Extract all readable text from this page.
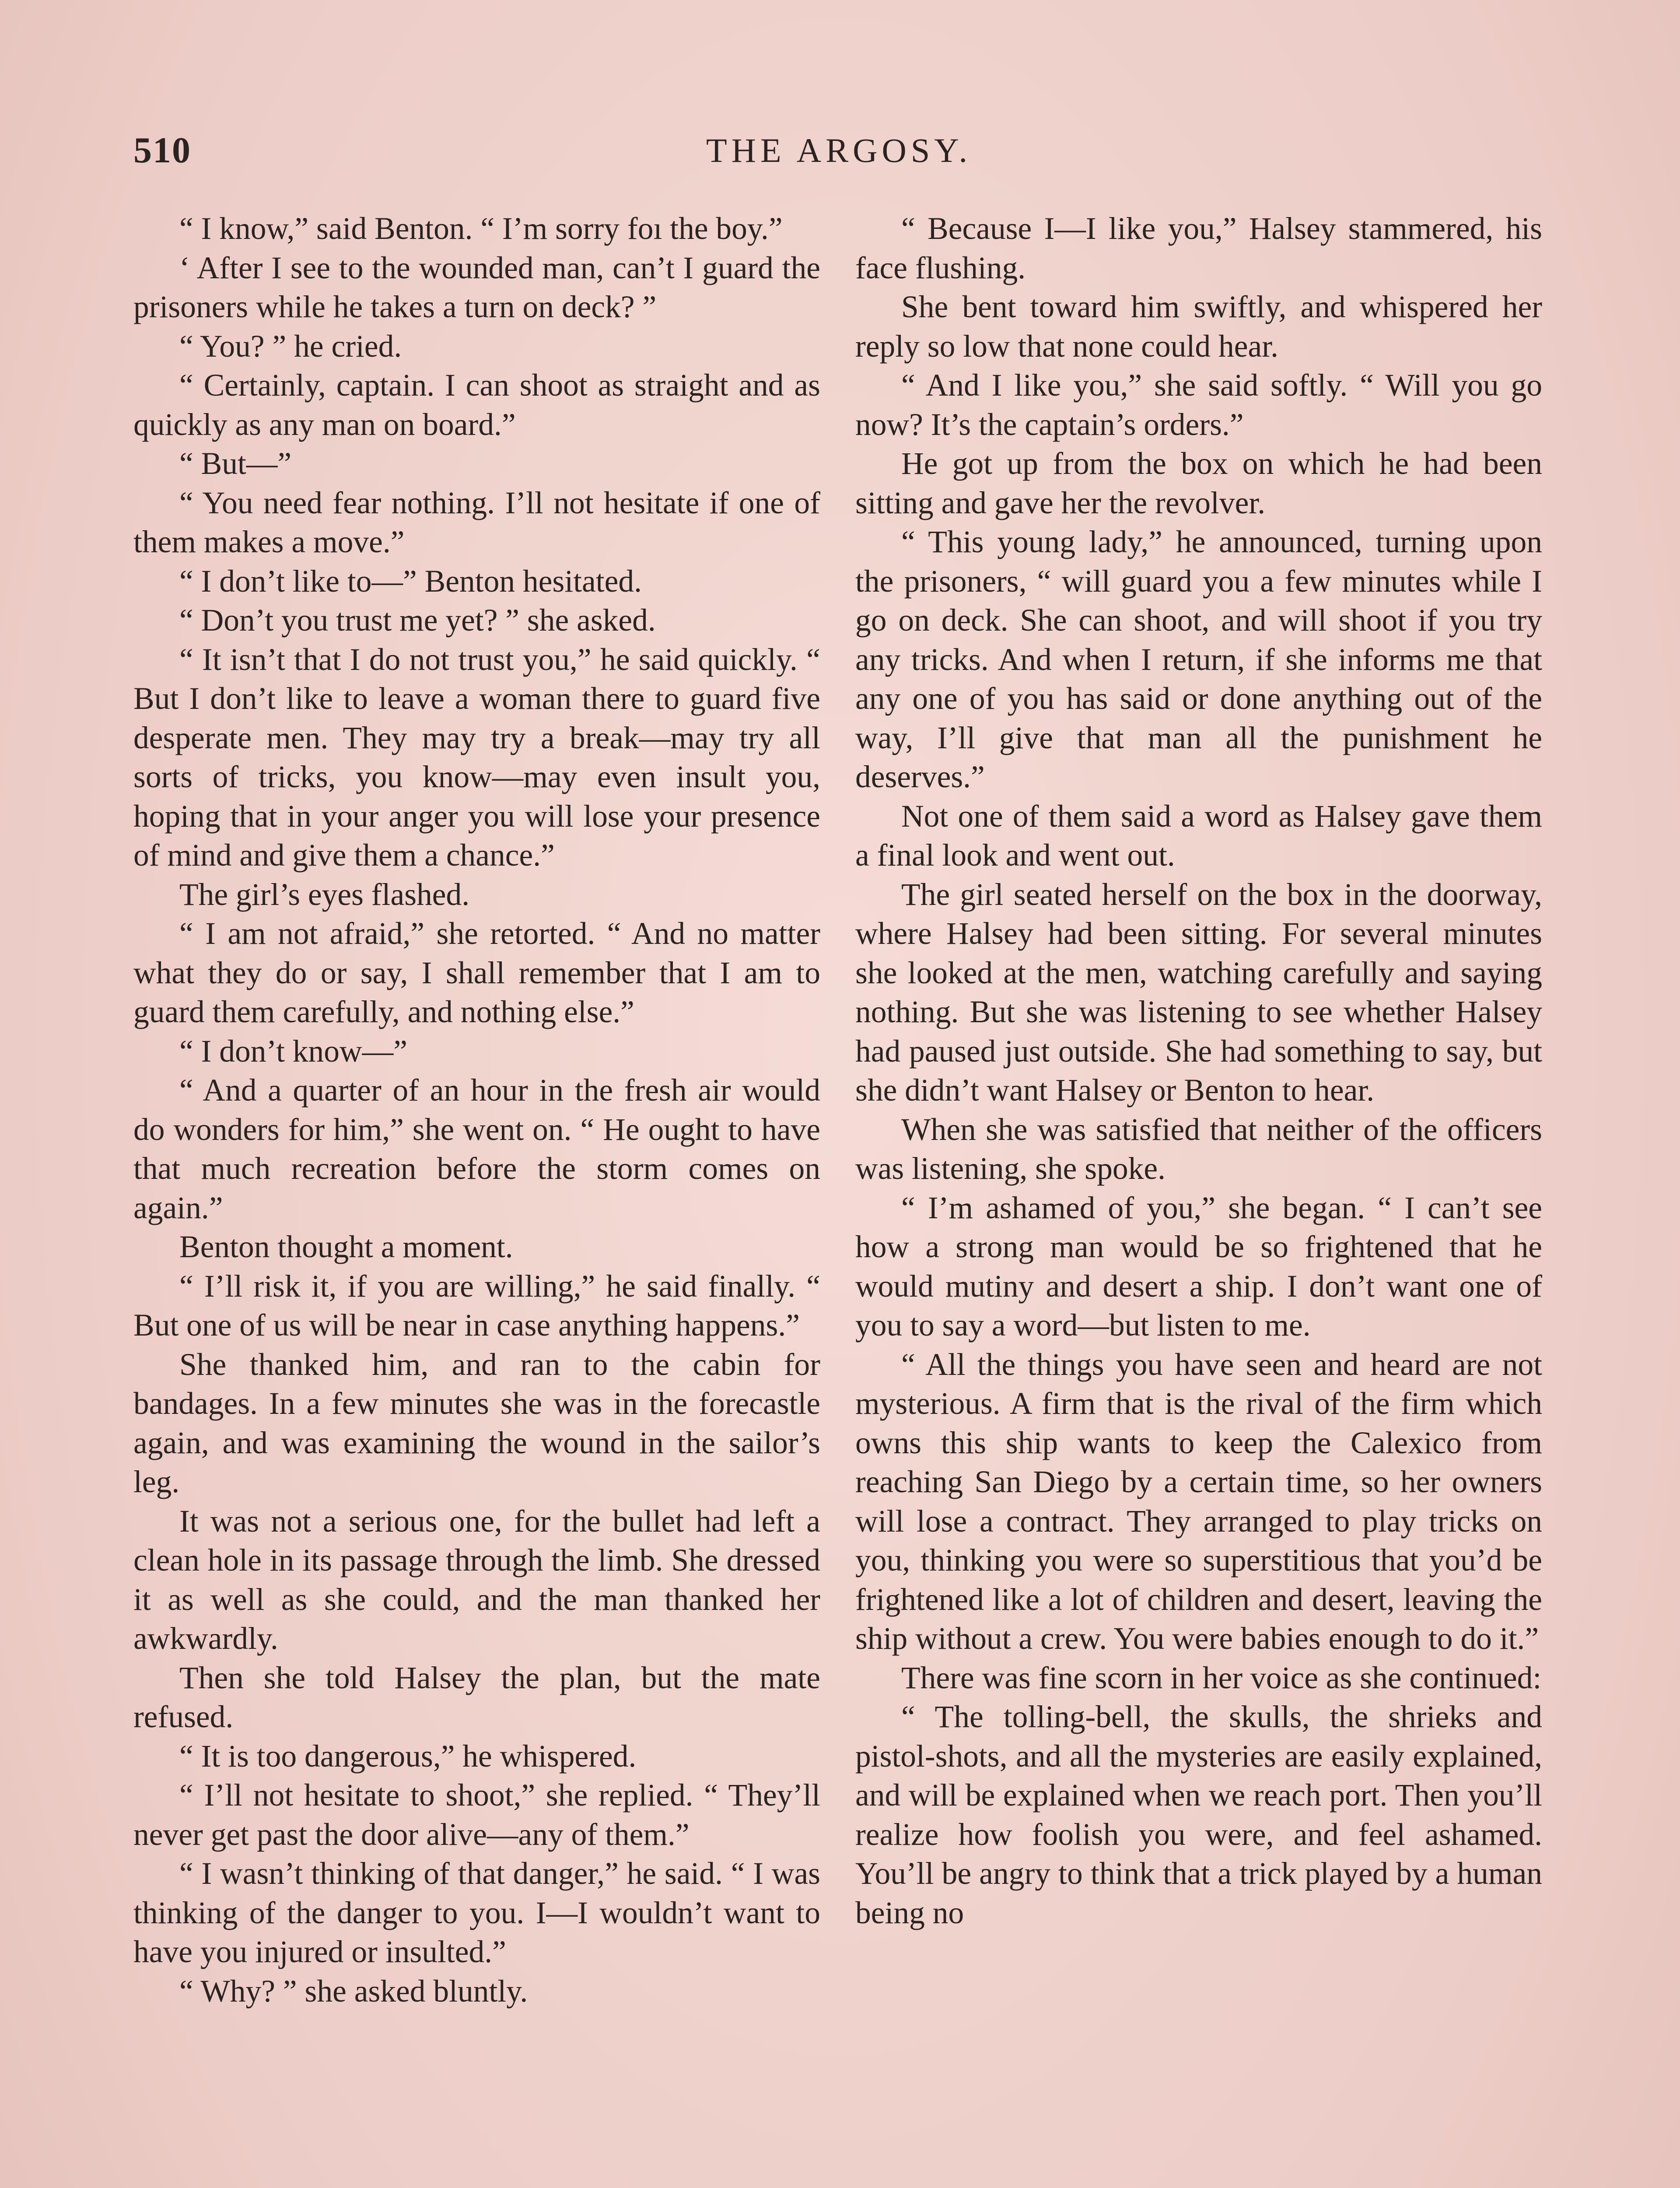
510	THE ARGOSY.

“ I know,” said Benton. “ I’m sorry foı the boy.”

‘ After I see to the wounded man, can’t I guard the prisoners while he takes a turn on deck? ”

“ You? ” he cried.

“ Certainly, captain. I can shoot as straight and as quickly as any man on board.”

“ But—”

“ You need fear nothing. I’ll not hesitate if one of them makes a move.”

“ I don’t like to—” Benton hesitated.

“ Don’t you trust me yet? ” she asked.

“ It isn’t that I do not trust you,” he said quickly. “ But I don’t like to leave a woman there to guard five desperate men. They may try a break—may try all sorts of tricks, you know—may even insult you, hoping that in your anger you will lose your presence of mind and give them a chance.”

The girl’s eyes flashed.

“ I am not afraid,” she retorted. “ And no matter what they do or say, I shall remember that I am to guard them carefully, and nothing else.”

“ I don’t know—”

“ And a quarter of an hour in the fresh air would do wonders for him,” she went on. “ He ought to have that much recreation before the storm comes on again.”

Benton thought a moment.

“ I’ll risk it, if you are willing,” he said finally. “ But one of us will be near in case anything happens.”

She thanked him, and ran to the cabin for bandages. In a few minutes she was in the forecastle again, and was examining the wound in the sailor’s leg.

It was not a serious one, for the bullet had left a clean hole in its passage through the limb. She dressed it as well as she could, and the man thanked her awkwardly.

Then she told Halsey the plan, but the mate refused.

“ It is too dangerous,” he whispered.

“ I’ll not hesitate to shoot,” she replied. “ They’ll never get past the door alive—any of them.”

“ I wasn’t thinking of that danger,” he said. “ I was thinking of the danger to you. I—I wouldn’t want to have you injured or insulted.”

“ Why? ” she asked bluntly.

“ Because I—I like you,” Halsey stammered, his face flushing.

She bent toward him swiftly, and whispered her reply so low that none could hear.

“ And I like you,” she said softly. “ Will you go now? It’s the captain’s orders.”

He got up from the box on which he had been sitting and gave her the revolver.

“ This young lady,” he announced, turning upon the prisoners, “ will guard you a few minutes while I go on deck. She can shoot, and will shoot if you try any tricks. And when I return, if she informs me that any one of you has said or done anything out of the way, I’ll give that man all the punishment he deserves.”

Not one of them said a word as Halsey gave them a final look and went out.

The girl seated herself on the box in the doorway, where Halsey had been sitting. For several minutes she looked at the men, watching carefully and saying nothing. But she was listening to see whether Halsey had paused just outside. She had something to say, but she didn’t want Halsey or Benton to hear.

When she was satisfied that neither of the officers was listening, she spoke.

“ I’m ashamed of you,” she began. “ I can’t see how a strong man would be so frightened that he would mutiny and desert a ship. I don’t want one of you to say a word—but listen to me.

“ All the things you have seen and heard are not mysterious. A firm that is the rival of the firm which owns this ship wants to keep the Calexico from reaching San Diego by a certain time, so her owners will lose a contract. They arranged to play tricks on you, thinking you were so superstitious that you’d be frightened like a lot of children and desert, leaving the ship without a crew. You were babies enough to do it.”

There was fine scorn in her voice as she continued:

“ The tolling-bell, the skulls, the shrieks and pistol-shots, and all the mysteries are easily explained, and will be explained when we reach port. Then you’ll realize how foolish you were, and feel ashamed. You’ll be angry to think that a trick played by a human being no
